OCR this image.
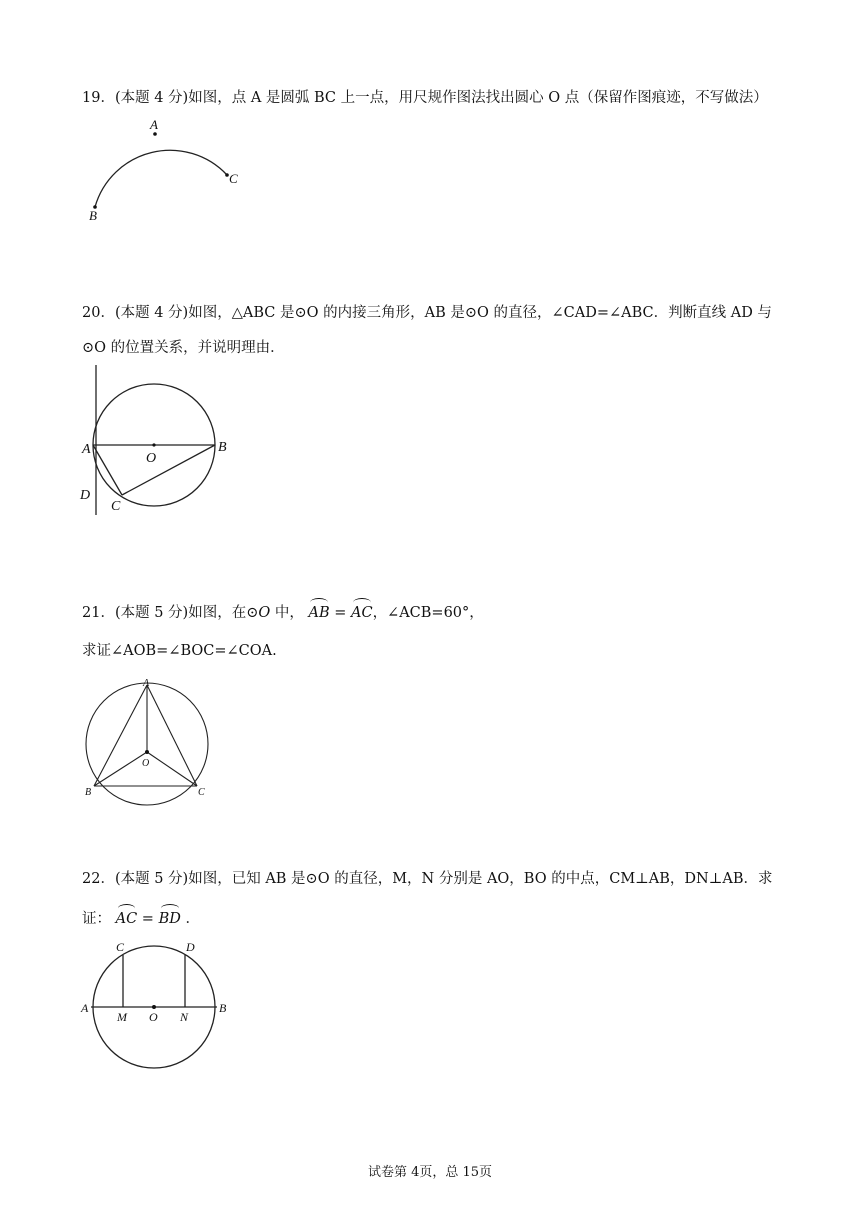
19．(本题 4 分)如图，点 A 是圆弧 BC 上一点，用尺规作图法找出圆心 O 点（保留作图痕迹，不写做法）
A
B
C
20．(本题 4 分)如图，△ABC 是⊙O 的内接三角形，AB 是⊙O 的直径，∠CAD=∠ABC．判断直线 AD 与
⊙O 的位置关系，并说明理由．
A	B
O
D
C
21．(本题 5 分)如图，在⊙O 中， AB = AC，∠ACB=60°，
求证∠AOB=∠BOC=∠COA.
A
O
B	C
22．(本题 5 分)如图，已知 AB 是⊙O 的直径，M，N 分别是 AO，BO 的中点，CM⊥AB，DN⊥AB．求
证： AC = BD ．
C	D
A	B
M O N
试卷第 4页，总 15页
